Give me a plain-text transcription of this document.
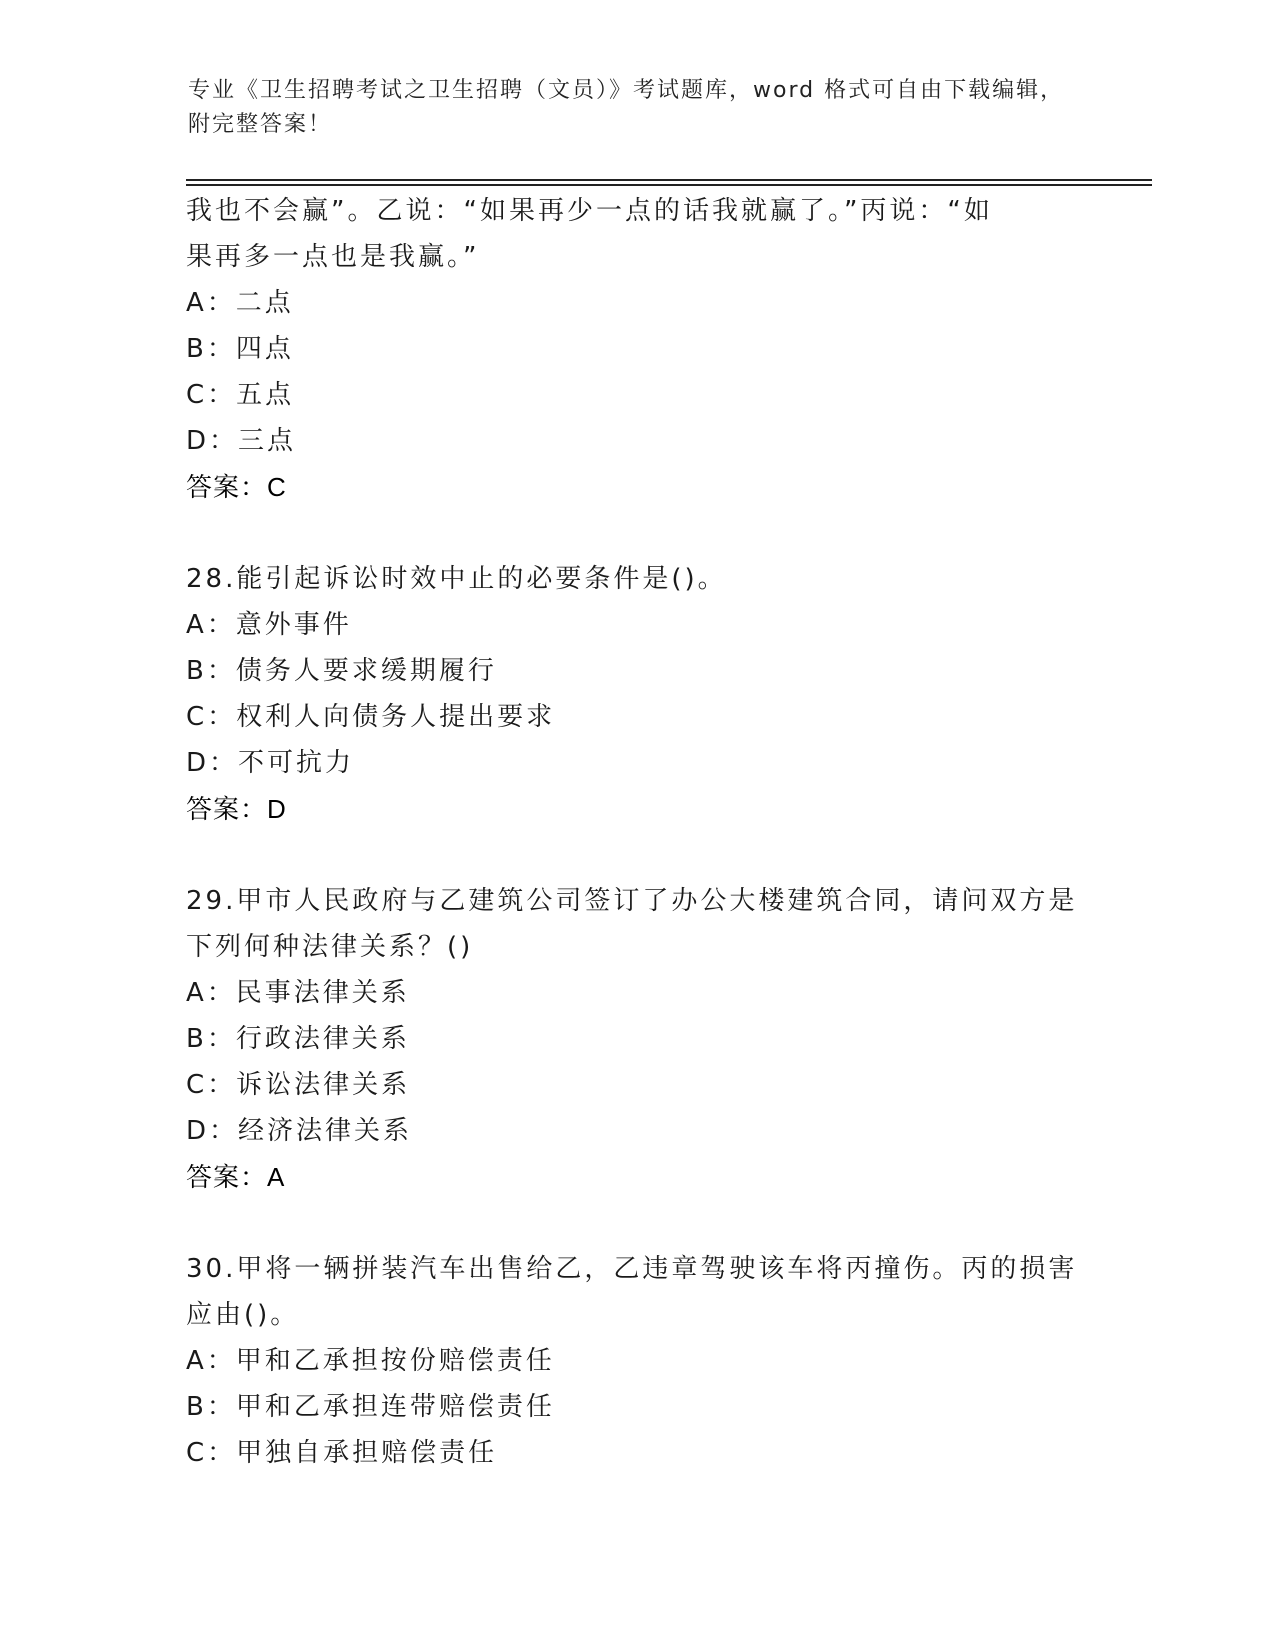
专业《卫生招聘考试之卫生招聘（文员）》考试题库，word 格式可自由下载编辑，附完整答案！
我也不会赢”。乙说：“如果再少一点的话我就赢了。”丙说：“如
果再多一点也是我赢。”
A：二点
B：四点
C：五点
D：三点
答案：C
28.能引起诉讼时效中止的必要条件是()。
A：意外事件
B：债务人要求缓期履行
C：权利人向债务人提出要求
D：不可抗力
答案：D
29.甲市人民政府与乙建筑公司签订了办公大楼建筑合同，请问双方是
下列何种法律关系？()
A：民事法律关系
B：行政法律关系
C：诉讼法律关系
D：经济法律关系
答案：A
30.甲将一辆拼装汽车出售给乙，乙违章驾驶该车将丙撞伤。丙的损害
应由()。
A：甲和乙承担按份赔偿责任
B：甲和乙承担连带赔偿责任
C：甲独自承担赔偿责任
